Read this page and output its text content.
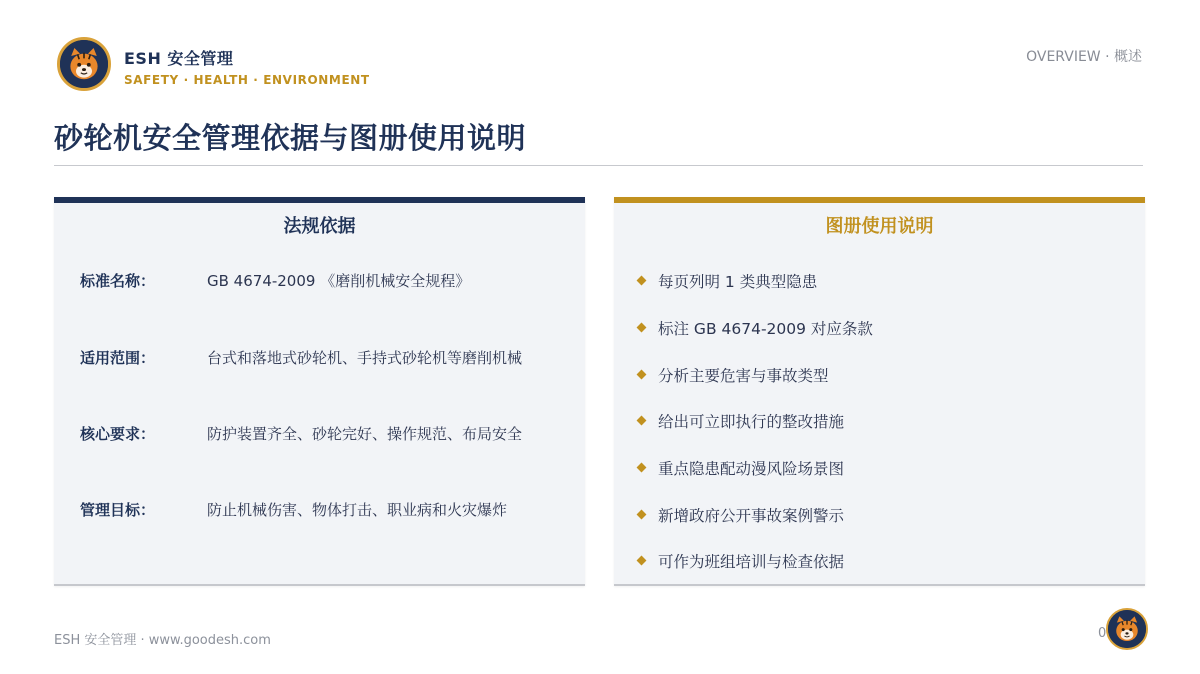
ESH 安全管理
SAFETY · HEALTH · ENVIRONMENT
OVERVIEW · 概述
砂轮机安全管理依据与图册使用说明
法规依据
标准名称：	GB 4674-2009 《磨削机械安全规程》
适用范围：	台式和落地式砂轮机、手持式砂轮机等磨削机械
核心要求：	防护装置齐全、砂轮完好、操作规范、布局安全
管理目标：	防止机械伤害、物体打击、职业病和火灾爆炸
图册使用说明
每页列明 1 类典型隐患
标注 GB 4674-2009 对应条款
分析主要危害与事故类型
给出可立即执行的整改措施
重点隐患配动漫风险场景图
新增政府公开事故案例警示
可作为班组培训与检查依据
ESH 安全管理 · www.goodesh.com	0
